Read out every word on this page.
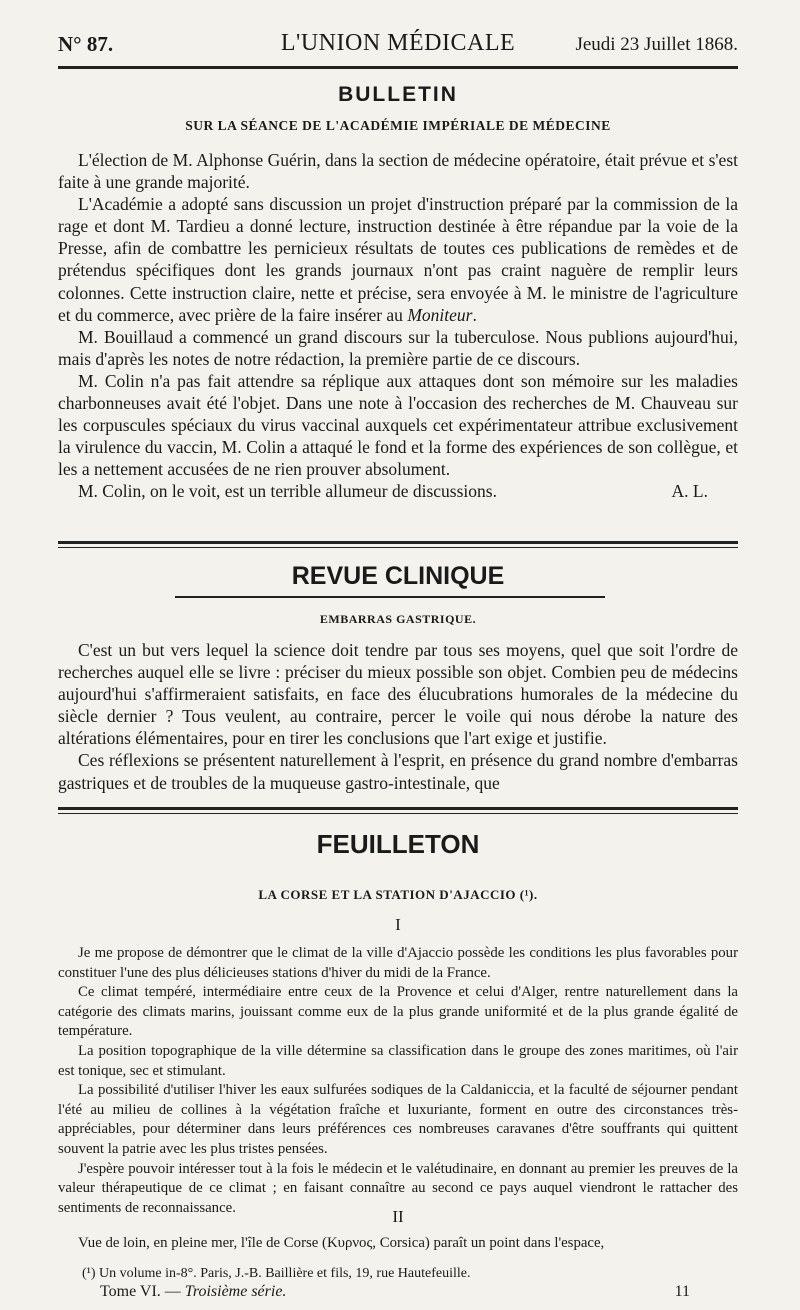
N° 87.	L'UNION MÉDICALE	Jeudi 23 Juillet 1868.
BULLETIN
SUR LA SÉANCE DE L'ACADÉMIE IMPÉRIALE DE MÉDECINE

L'élection de M. Alphonse Guérin, dans la section de médecine opératoire, était prévue et s'est faite à une grande majorité.

L'Académie a adopté sans discussion un projet d'instruction préparé par la commission de la rage et dont M. Tardieu a donné lecture, instruction destinée à être répandue par la voie de la Presse, afin de combattre les pernicieux résultats de toutes ces publications de remèdes et de prétendus spécifiques dont les grands journaux n'ont pas craint naguère de remplir leurs colonnes. Cette instruction claire, nette et précise, sera envoyée à M. le ministre de l'agriculture et du commerce, avec prière de la faire insérer au Moniteur.

M. Bouillaud a commencé un grand discours sur la tuberculose. Nous publions aujourd'hui, mais d'après les notes de notre rédaction, la première partie de ce discours.

M. Colin n'a pas fait attendre sa réplique aux attaques dont son mémoire sur les maladies charbonneuses avait été l'objet. Dans une note à l'occasion des recherches de M. Chauveau sur les corpuscules spéciaux du virus vaccinal auxquels cet expérimentateur attribue exclusivement la virulence du vaccin, M. Colin a attaqué le fond et la forme des expériences de son collègue, et les a nettement accusées de ne rien prouver absolument.

M. Colin, on le voit, est un terrible allumeur de discussions.	A. L.

REVUE CLINIQUE
EMBARRAS GASTRIQUE.

C'est un but vers lequel la science doit tendre par tous ses moyens, quel que soit l'ordre de recherches auquel elle se livre : préciser du mieux possible son objet. Combien peu de médecins aujourd'hui s'affirmeraient satisfaits, en face des élucubrations humorales de la médecine du siècle dernier ? Tous veulent, au contraire, percer le voile qui nous dérobe la nature des altérations élémentaires, pour en tirer les conclusions que l'art exige et justifie.

Ces réflexions se présentent naturellement à l'esprit, en présence du grand nombre d'embarras gastriques et de troubles de la muqueuse gastro-intestinale, que

FEUILLETON
LA CORSE ET LA STATION D'AJACCIO (¹).
I

Je me propose de démontrer que le climat de la ville d'Ajaccio possède les conditions les plus favorables pour constituer l'une des plus délicieuses stations d'hiver du midi de la France.

Ce climat tempéré, intermédiaire entre ceux de la Provence et celui d'Alger, rentre naturellement dans la catégorie des climats marins, jouissant comme eux de la plus grande uniformité et de la plus grande égalité de température.

La position topographique de la ville détermine sa classification dans le groupe des zones maritimes, où l'air est tonique, sec et stimulant.

La possibilité d'utiliser l'hiver les eaux sulfurées sodiques de la Caldaniccia, et la faculté de séjourner pendant l'été au milieu de collines à la végétation fraîche et luxuriante, forment en outre des circonstances très-appréciables, pour déterminer dans leurs préférences ces nombreuses caravanes d'être souffrants qui quittent souvent la patrie avec les plus tristes pensées.

J'espère pouvoir intéresser tout à la fois le médecin et le valétudinaire, en donnant au premier les preuves de la valeur thérapeutique de ce climat ; en faisant connaître au second ce pays auquel viendront le rattacher des sentiments de reconnaissance.	II

Vue de loin, en pleine mer, l'île de Corse (Κυρνος, Corsica) paraît un point dans l'espace,

(¹) Un volume in-8°. Paris, J.-B. Baillière et fils, 19, rue Hautefeuille.
Tome VI. — Troisième série.	11
